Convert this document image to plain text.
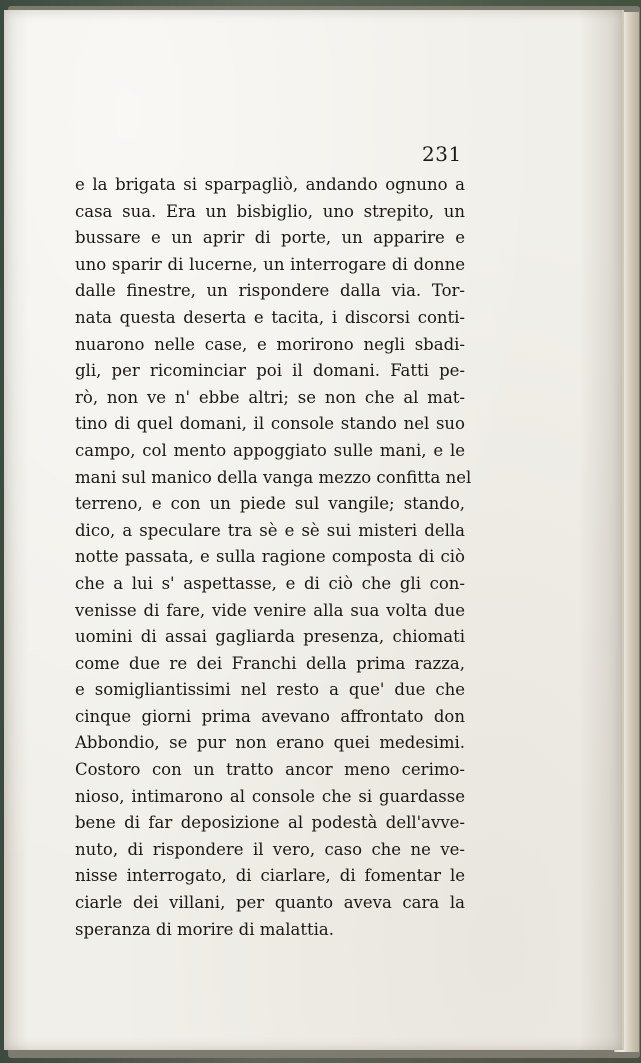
231
e la brigata si sparpagliò, andando ognuno a
casa sua. Era un bisbiglio, uno strepito, un
bussare e un aprir di porte, un apparire e
uno sparir di lucerne, un interrogare di donne
dalle finestre, un rispondere dalla via. Tor-
nata questa deserta e tacita, i discorsi conti-
nuarono nelle case, e morirono negli sbadi-
gli, per ricominciar poi il domani. Fatti pe-
rò, non ve n' ebbe altri; se non che al mat-
tino di quel domani, il console stando nel suo
campo, col mento appoggiato sulle mani, e le
mani sul manico della vanga mezzo confitta nel
terreno, e con un piede sul vangile; stando,
dico, a speculare tra sè e sè sui misteri della
notte passata, e sulla ragione composta di ciò
che a lui s' aspettasse, e di ciò che gli con-
venisse di fare, vide venire alla sua volta due
uomini di assai gagliarda presenza, chiomati
come due re dei Franchi della prima razza,
e somigliantissimi nel resto a que' due che
cinque giorni prima avevano affrontato don
Abbondio, se pur non erano quei medesimi.
Costoro con un tratto ancor meno cerimo-
nioso, intimarono al console che si guardasse
bene di far deposizione al podestà dell'avve-
nuto, di rispondere il vero, caso che ne ve-
nisse interrogato, di ciarlare, di fomentar le
ciarle dei villani, per quanto aveva cara la
speranza di morire di malattia.
